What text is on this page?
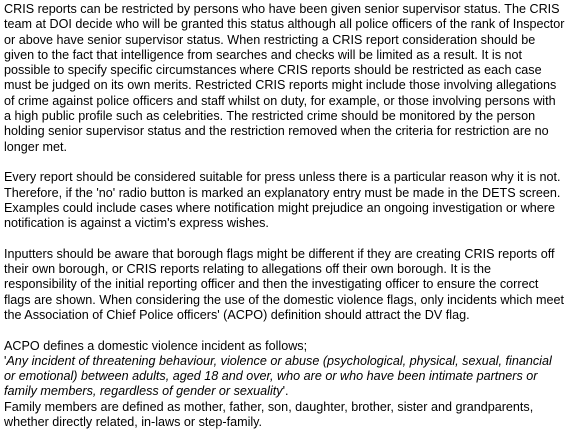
CRIS reports can be restricted by persons who have been given senior supervisor status. The CRIS team at DOI decide who will be granted this status although all police officers of the rank of Inspector or above have senior supervisor status. When restricting a CRIS report consideration should be given to the fact that intelligence from searches and checks will be limited as a result. It is not possible to specify specific circumstances where CRIS reports should be restricted as each case must be judged on its own merits. Restricted CRIS reports might include those involving allegations of crime against police officers and staff whilst on duty, for example, or those involving persons with a high public profile such as celebrities. The restricted crime should be monitored by the person holding senior supervisor status and the restriction removed when the criteria for restriction are no longer met.

Every report should be considered suitable for press unless there is a particular reason why it is not. Therefore, if the 'no' radio button is marked an explanatory entry must be made in the DETS screen. Examples could include cases where notification might prejudice an ongoing investigation or where notification is against a victim's express wishes.

Inputters should be aware that borough flags might be different if they are creating CRIS reports off their own borough, or CRIS reports relating to allegations off their own borough. It is the responsibility of the initial reporting officer and then the investigating officer to ensure the correct flags are shown. When considering the use of the domestic violence flags, only incidents which meet the Association of Chief Police officers' (ACPO) definition should attract the DV flag.

ACPO defines a domestic violence incident as follows;

'Any incident of threatening behaviour, violence or abuse (psychological, physical, sexual, financial or emotional) between adults, aged 18 and over, who are or who have been intimate partners or family members, regardless of gender or sexuality'.

Family members are defined as mother, father, son, daughter, brother, sister and grandparents, whether directly related, in-laws or step-family.
